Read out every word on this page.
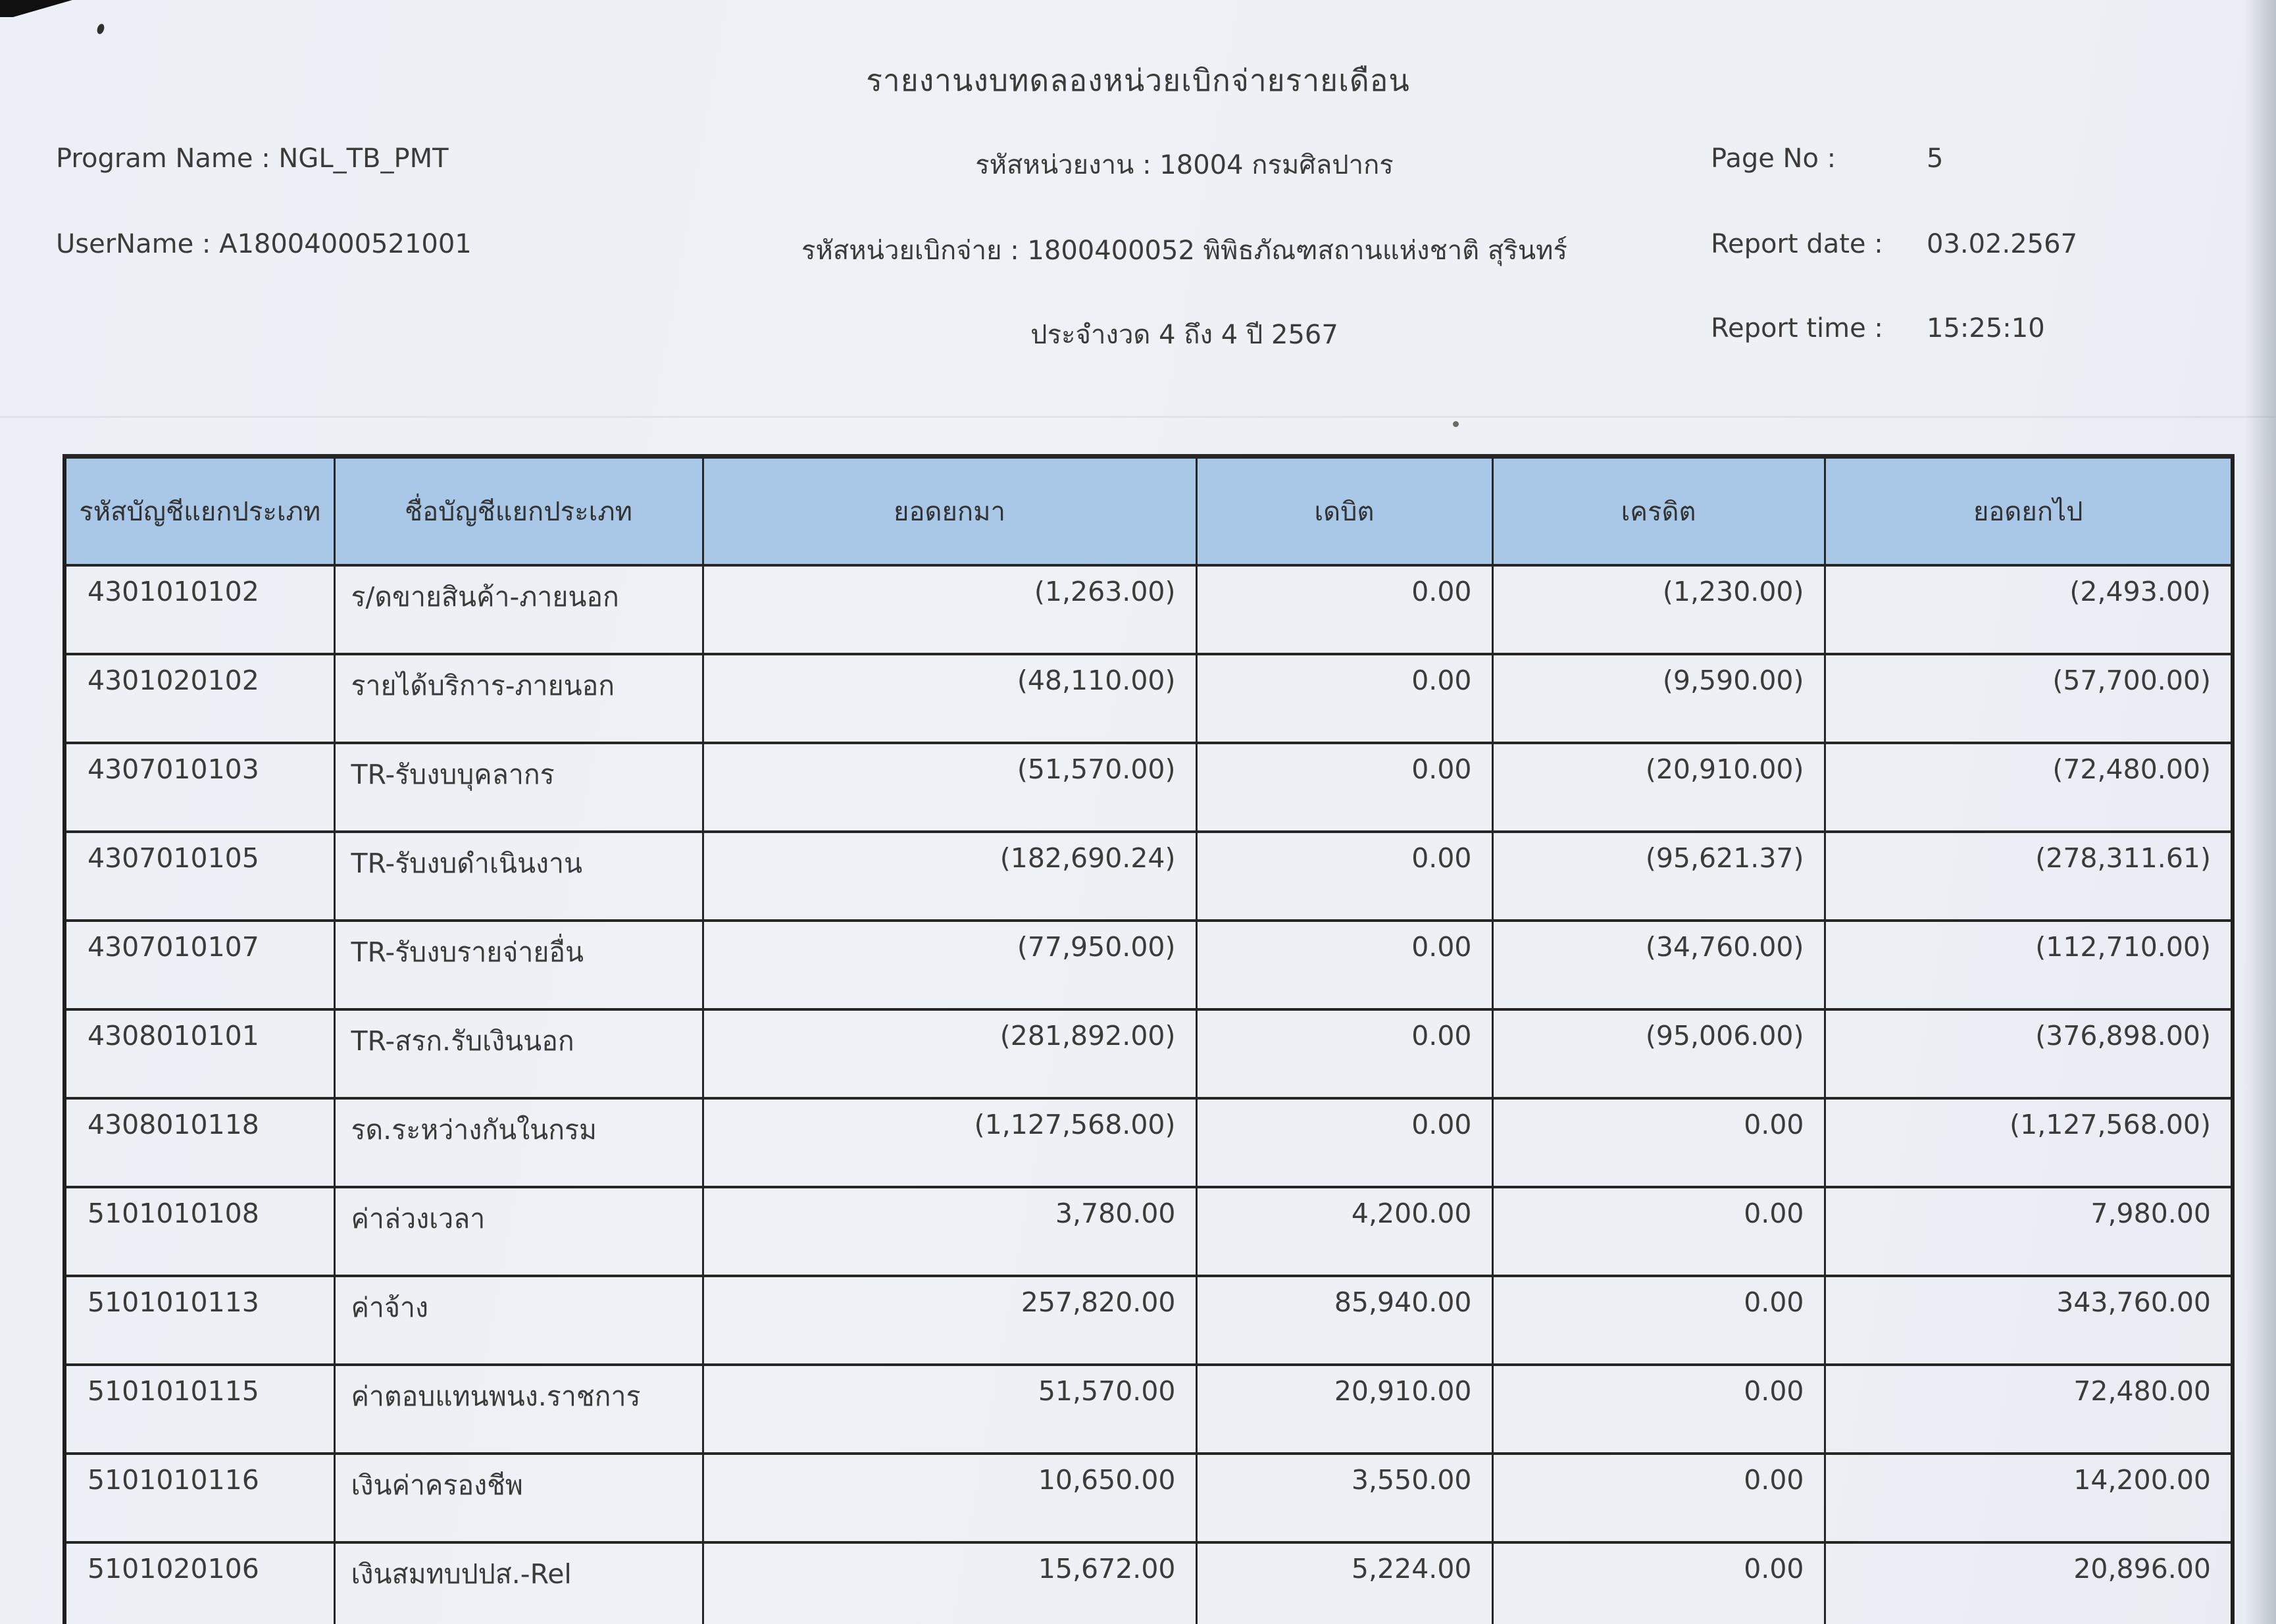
รายงานงบทดลองหน่วยเบิกจ่ายรายเดือน
Program Name : NGL_TB_PMT	รหัสหน่วยงาน : 18004 กรมศิลปากร	Page No :	5
UserName : A18004000521001	รหัสหน่วยเบิกจ่าย : 1800400052 พิพิธภัณฑสถานแห่งชาติ สุรินทร์	Report date : 03.02.2567
ประจำงวด 4 ถึง 4 ปี 2567	Report time : 15:25:10
รหัสบัญชีแยกประเภท	ชื่อบัญชีแยกประเภท	ยอดยกมา	เดบิต	เครดิต	ยอดยกไป
4301010102	ร/ดขายสินค้า-ภายนอก	(1,263.00)	0.00	(1,230.00)	(2,493.00)
4301020102	รายได้บริการ-ภายนอก	(48,110.00)	0.00	(9,590.00)	(57,700.00)
4307010103	TR-รับงบบุคลากร	(51,570.00)	0.00	(20,910.00)	(72,480.00)
4307010105	TR-รับงบดำเนินงาน	(182,690.24)	0.00	(95,621.37)	(278,311.61)
4307010107	TR-รับงบรายจ่ายอื่น	(77,950.00)	0.00	(34,760.00)	(112,710.00)
4308010101	TR-สรก.รับเงินนอก	(281,892.00)	0.00	(95,006.00)	(376,898.00)
4308010118	รด.ระหว่างกันในกรม	(1,127,568.00)	0.00	0.00	(1,127,568.00)
5101010108	ค่าล่วงเวลา	3,780.00	4,200.00	0.00	7,980.00
5101010113	ค่าจ้าง	257,820.00	85,940.00	0.00	343,760.00
5101010115	ค่าตอบแทนพนง.ราชการ	51,570.00	20,910.00	0.00	72,480.00
5101010116	เงินค่าครองชีพ	10,650.00	3,550.00	0.00	14,200.00
5101020106	เงินสมทบปปส.-Rel	15,672.00	5,224.00	0.00	20,896.00
